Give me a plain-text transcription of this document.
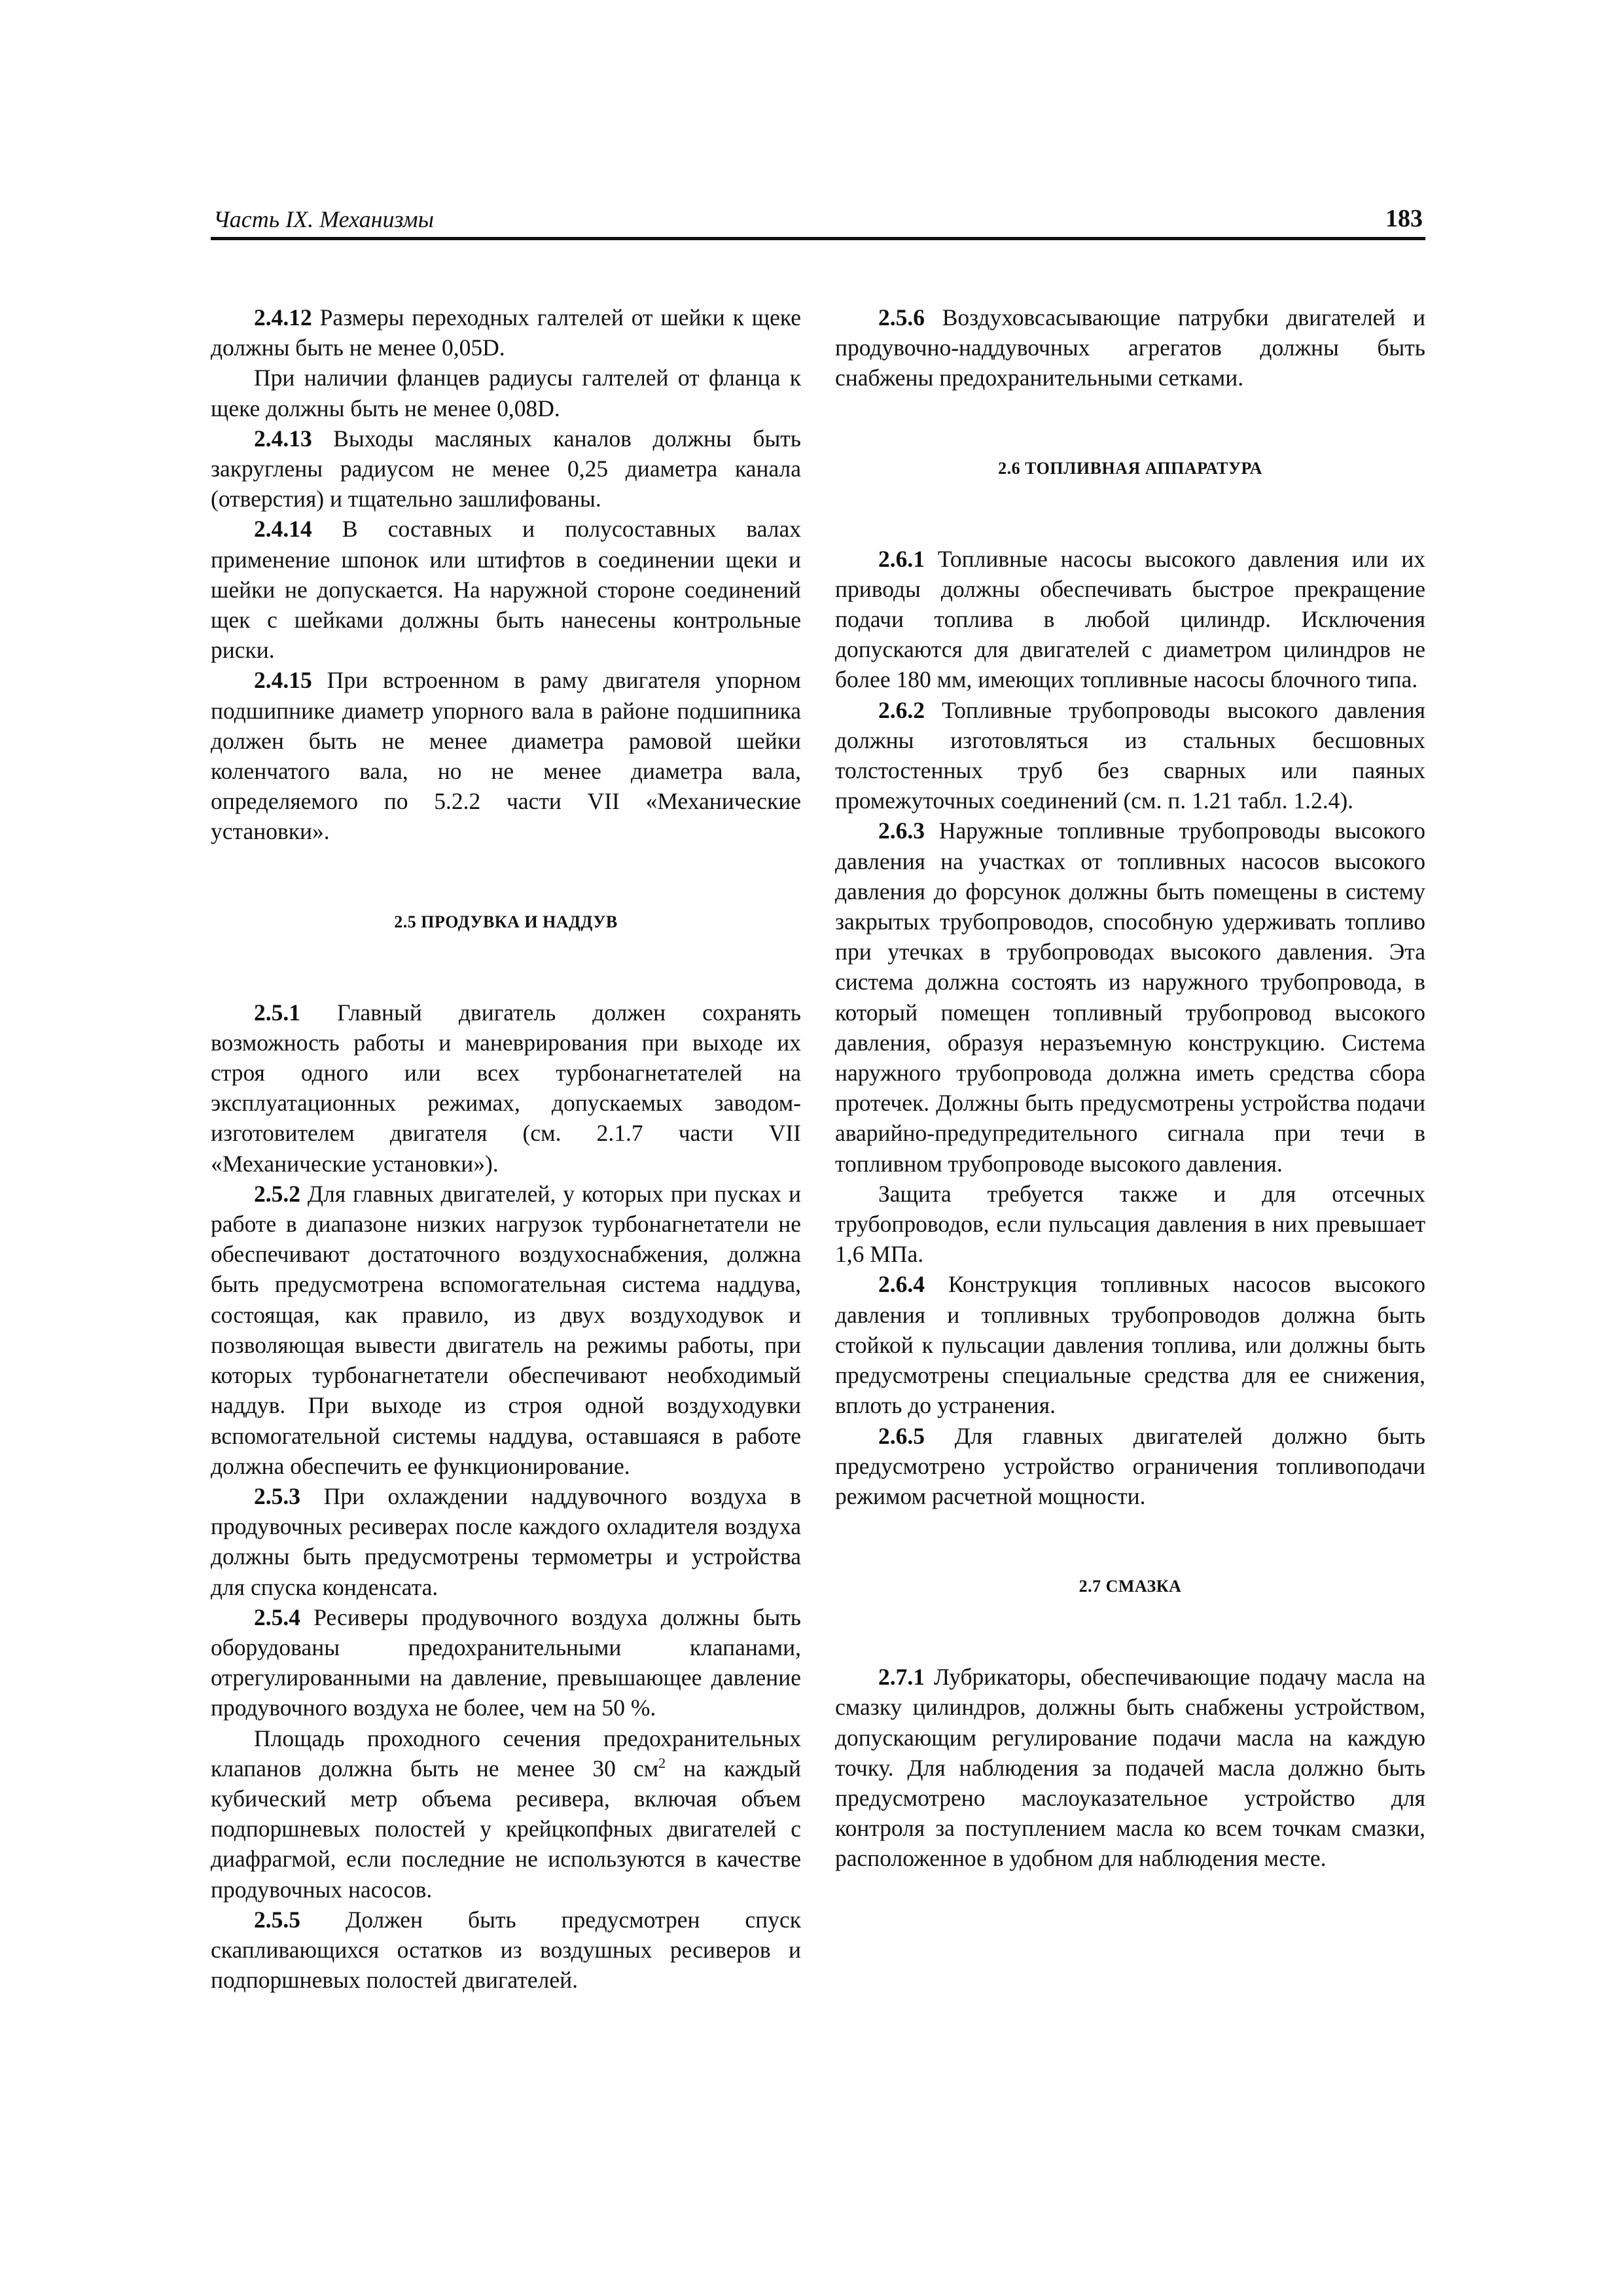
Часть IX. Механизмы	183

2.4.12 Размеры переходных галтелей от шейки к щеке должны быть не менее 0,05D.

При наличии фланцев радиусы галтелей от фланца к щеке должны быть не менее 0,08D.

2.4.13 Выходы масляных каналов должны быть закруглены радиусом не менее 0,25 диаметра канала (отверстия) и тщательно зашлифованы.

2.4.14 В составных и полусоставных валах применение шпонок или штифтов в соединении щеки и шейки не допускается. На наружной стороне соединений щек с шейками должны быть нанесены контрольные риски.

2.4.15 При встроенном в раму двигателя упорном подшипнике диаметр упорного вала в районе подшипника должен быть не менее диаметра рамовой шейки коленчатого вала, но не менее диаметра вала, определяемого по 5.2.2 части VII «Механические установки».

2.5 ПРОДУВКА И НАДДУВ

2.5.1 Главный двигатель должен сохранять возможность работы и маневрирования при выходе их строя одного или всех турбонагнетателей на эксплуатационных режимах, допускаемых заводом-изготовителем двигателя (см. 2.1.7 части VII «Механические установки»).

2.5.2 Для главных двигателей, у которых при пусках и работе в диапазоне низких нагрузок турбонагнетатели не обеспечивают достаточного воздухоснабжения, должна быть предусмотрена вспомогательная система наддува, состоящая, как правило, из двух воздуходувок и позволяющая вывести двигатель на режимы работы, при которых турбонагнетатели обеспечивают необходимый наддув. При выходе из строя одной воздуходувки вспомогательной системы наддува, оставшаяся в работе должна обеспечить ее функционирование.

2.5.3 При охлаждении наддувочного воздуха в продувочных ресиверах после каждого охладителя воздуха должны быть предусмотрены термометры и устройства для спуска конденсата.

2.5.4 Ресиверы продувочного воздуха должны быть оборудованы предохранительными клапанами, отрегулированными на давление, превышающее давление продувочного воздуха не более, чем на 50 %.

Площадь проходного сечения предохранительных клапанов должна быть не менее 30 $см^2$ на каждый кубический метр объема ресивера, включая объем подпоршневых полостей у крейцкопфных двигателей с диафрагмой, если последние не используются в качестве продувочных насосов.

2.5.5 Должен быть предусмотрен спуск скапливающихся остатков из воздушных ресиверов и подпоршневых полостей двигателей.

2.5.6 Воздуховсасывающие патрубки двигателей и продувочно-наддувочных агрегатов должны быть снабжены предохранительными сетками.

2.6 ТОПЛИВНАЯ АППАРАТУРА

2.6.1 Топливные насосы высокого давления или их приводы должны обеспечивать быстрое прекращение подачи топлива в любой цилиндр. Исключения допускаются для двигателей с диаметром цилиндров не более 180 мм, имеющих топливные насосы блочного типа.

2.6.2 Топливные трубопроводы высокого давления должны изготовляться из стальных бесшовных толстостенных труб без сварных или паяных промежуточных соединений (см. п. 1.21 табл. 1.2.4).

2.6.3 Наружные топливные трубопроводы высокого давления на участках от топливных насосов высокого давления до форсунок должны быть помещены в систему закрытых трубопроводов, способную удерживать топливо при утечках в трубопроводах высокого давления. Эта система должна состоять из наружного трубопровода, в который помещен топливный трубопровод высокого давления, образуя неразъемную конструкцию. Система наружного трубопровода должна иметь средства сбора протечек. Должны быть предусмотрены устройства подачи аварийно-предупредительного сигнала при течи в топливном трубопроводе высокого давления.

Защита требуется также и для отсечных трубопроводов, если пульсация давления в них превышает 1,6 МПа.

2.6.4 Конструкция топливных насосов высокого давления и топливных трубопроводов должна быть стойкой к пульсации давления топлива, или должны быть предусмотрены специальные средства для ее снижения, вплоть до устранения.

2.6.5 Для главных двигателей должно быть предусмотрено устройство ограничения топливоподачи режимом расчетной мощности.

2.7 СМАЗКА

2.7.1 Лубрикаторы, обеспечивающие подачу масла на смазку цилиндров, должны быть снабжены устройством, допускающим регулирование подачи масла на каждую точку. Для наблюдения за подачей масла должно быть предусмотрено маслоуказательное устройство для контроля за поступлением масла ко всем точкам смазки, расположенное в удобном для наблюдения месте.
